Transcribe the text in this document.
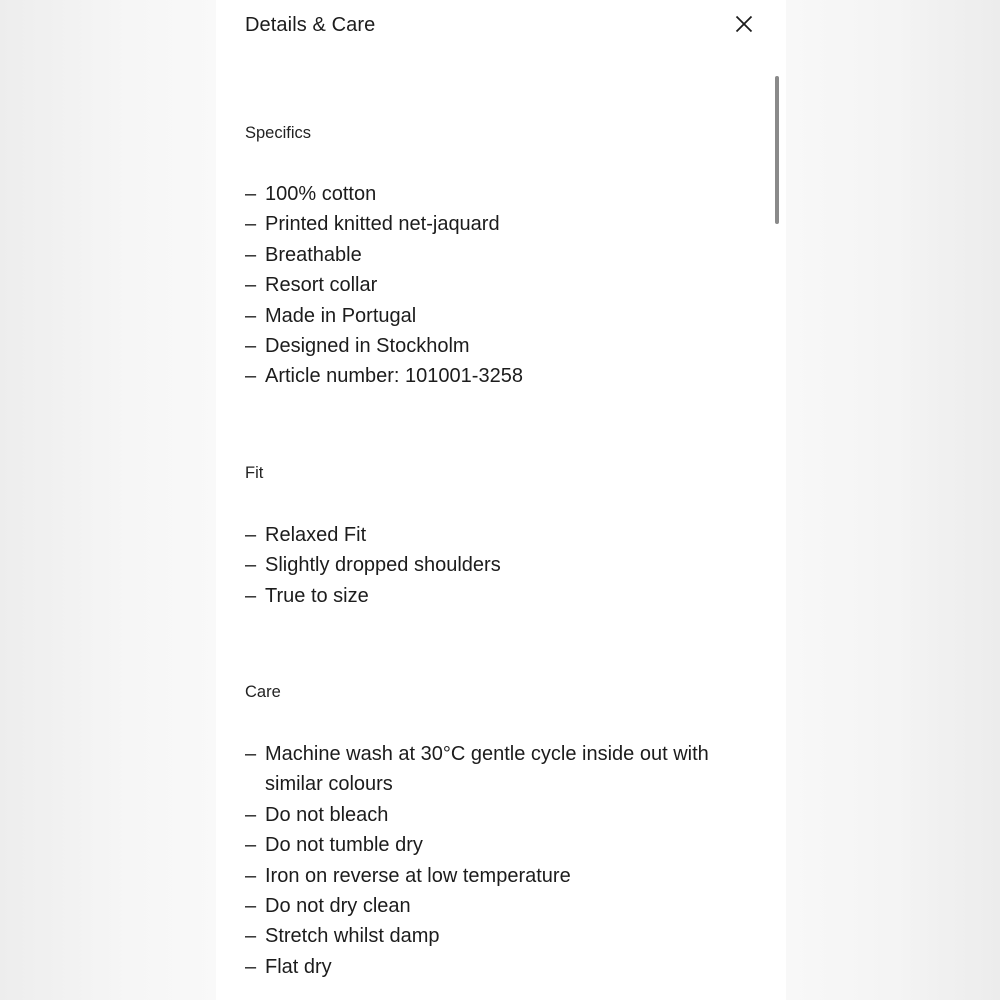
Details & Care
Specifics
– 100% cotton
– Printed knitted net-jaquard
– Breathable
– Resort collar
– Made in Portugal
– Designed in Stockholm
– Article number: 101001-3258
Fit
– Relaxed Fit
– Slightly dropped shoulders
– True to size
Care
– Machine wash at 30°C gentle cycle inside out with similar colours
– Do not bleach
– Do not tumble dry
– Iron on reverse at low temperature
– Do not dry clean
– Stretch whilst damp
– Flat dry
